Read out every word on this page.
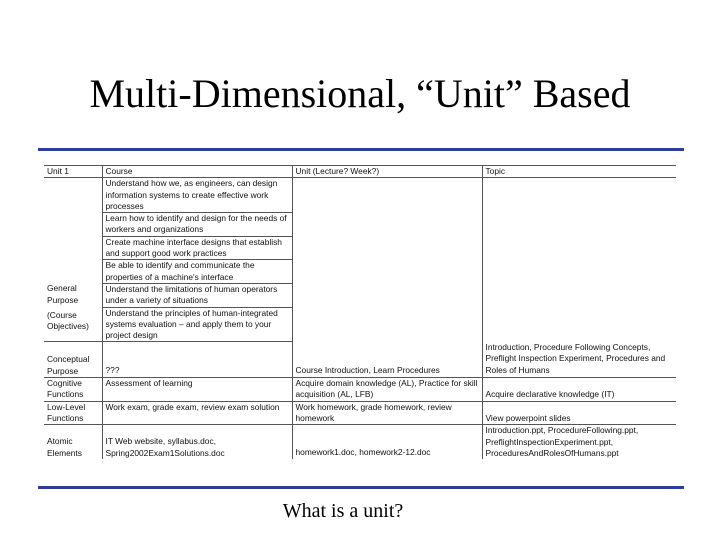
Multi-Dimensional, “Unit” Based
Unit 1	Course	Unit (Lecture? Week?)	Topic
	Understand how we, as engineers, can design information systems to create effective work processes		
	Learn how to identify and design for the needs of workers and organizations		
	Create machine interface designs that establish and support good work practices		
	Be able to identify and communicate the properties of a machine's interface		
General Purpose	Understand the limitations of human operators under a variety of situations		
(Course Objectives)	Understand the principles of human-integrated systems evaluation – and apply them to your project design		
Conceptual Purpose	???	Course Introduction, Learn Procedures	Introduction, Procedure Following Concepts, Preflight Inspection Experiment, Procedures and Roles of Humans
Cognitive Functions	Assessment of learning	Acquire domain knowledge (AL), Practice for skill acquisition (AL, LFB)	Acquire declarative knowledge (IT)
Low-Level Functions	Work exam, grade exam, review exam solution	Work homework, grade homework, review homework	View powerpoint slides
Atomic Elements	IT Web website, syllabus.doc, Spring2002Exam1Solutions.doc	homework1.doc, homework2-12.doc	Introduction.ppt, ProcedureFollowing.ppt, PreflightInspectionExperiment.ppt, ProceduresAndRolesOfHumans.ppt
What is a unit?
